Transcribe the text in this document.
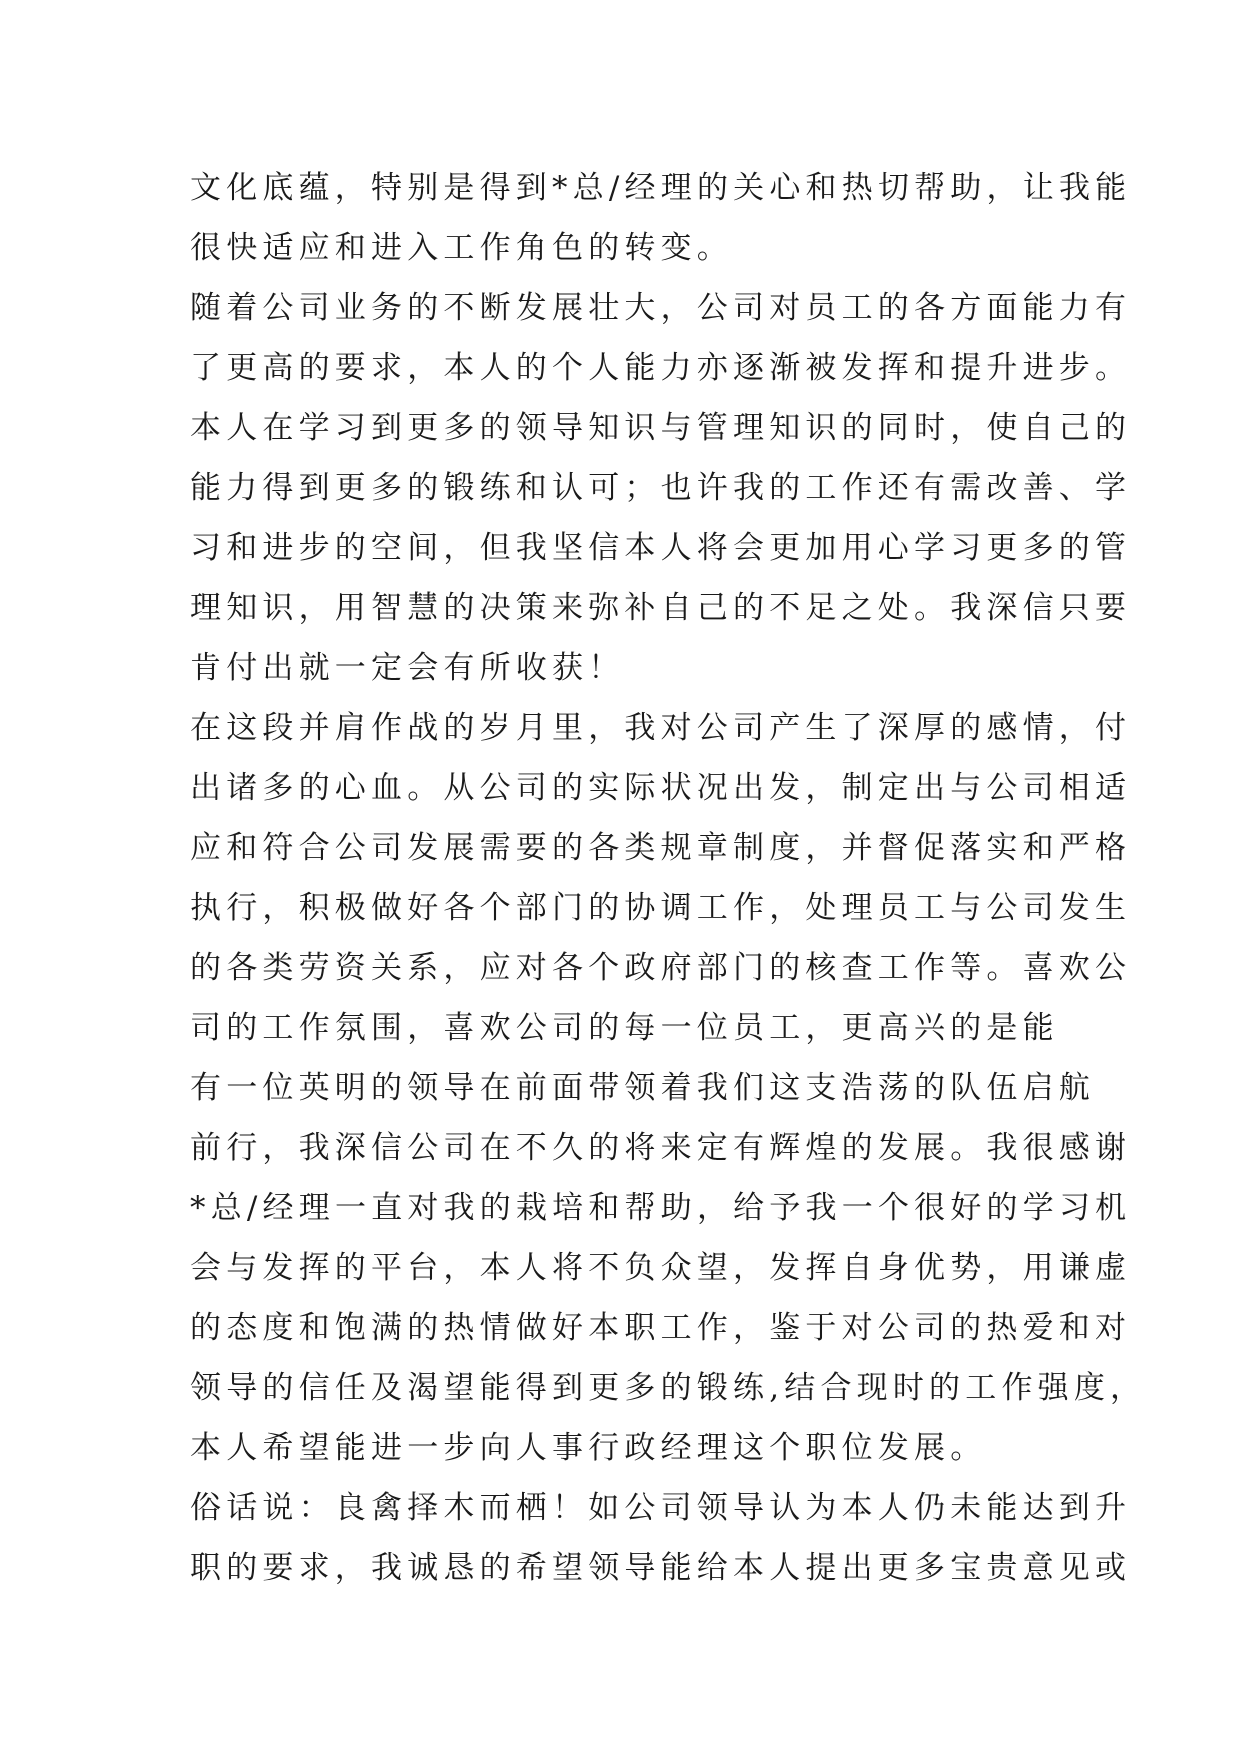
文化底蕴，特别是得到*总/经理的关心和热切帮助，让我能
很快适应和进入工作角色的转变。
随着公司业务的不断发展壮大，公司对员工的各方面能力有
了更高的要求，本人的个人能力亦逐渐被发挥和提升进步。
本人在学习到更多的领导知识与管理知识的同时，使自己的
能力得到更多的锻练和认可；也许我的工作还有需改善、学
习和进步的空间，但我坚信本人将会更加用心学习更多的管
理知识，用智慧的决策来弥补自己的不足之处。我深信只要
肯付出就一定会有所收获！
在这段并肩作战的岁月里，我对公司产生了深厚的感情，付
出诸多的心血。从公司的实际状况出发，制定出与公司相适
应和符合公司发展需要的各类规章制度，并督促落实和严格
执行，积极做好各个部门的协调工作，处理员工与公司发生
的各类劳资关系，应对各个政府部门的核查工作等。喜欢公
司的工作氛围，喜欢公司的每一位员工，更高兴的是能
有一位英明的领导在前面带领着我们这支浩荡的队伍启航
前行，我深信公司在不久的将来定有辉煌的发展。我很感谢
*总/经理一直对我的栽培和帮助，给予我一个很好的学习机
会与发挥的平台，本人将不负众望，发挥自身优势，用谦虚
的态度和饱满的热情做好本职工作，鉴于对公司的热爱和对
领导的信任及渴望能得到更多的锻练,结合现时的工作强度，
本人希望能进一步向人事行政经理这个职位发展。
俗话说：良禽择木而栖！如公司领导认为本人仍未能达到升
职的要求，我诚恳的希望领导能给本人提出更多宝贵意见或
